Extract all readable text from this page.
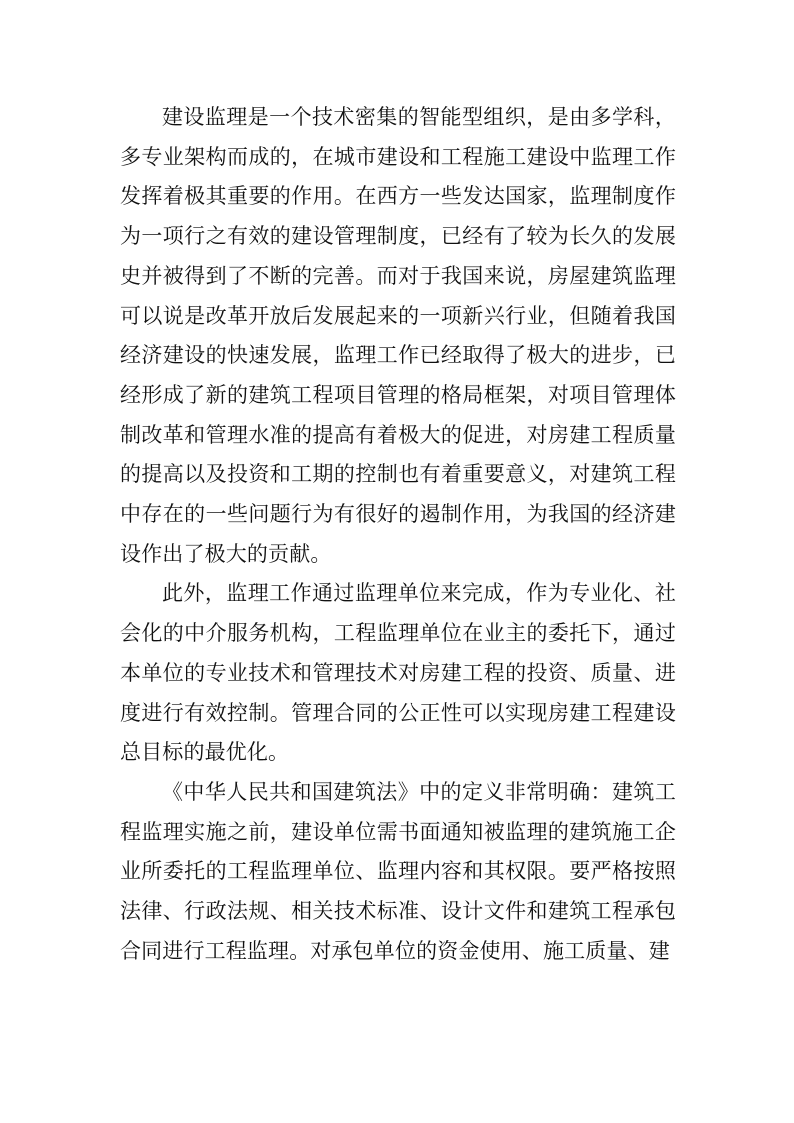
建设监理是一个技术密集的智能型组织，是由多学科，多专业架构而成的，在城市建设和工程施工建设中监理工作发挥着极其重要的作用。在西方一些发达国家，监理制度作为一项行之有效的建设管理制度，已经有了较为长久的发展史并被得到了不断的完善。而对于我国来说，房屋建筑监理可以说是改革开放后发展起来的一项新兴行业，但随着我国经济建设的快速发展，监理工作已经取得了极大的进步，已经形成了新的建筑工程项目管理的格局框架，对项目管理体制改革和管理水准的提高有着极大的促进，对房建工程质量的提高以及投资和工期的控制也有着重要意义，对建筑工程中存在的一些问题行为有很好的遏制作用，为我国的经济建设作出了极大的贡献。

此外，监理工作通过监理单位来完成，作为专业化、社会化的中介服务机构，工程监理单位在业主的委托下，通过本单位的专业技术和管理技术对房建工程的投资、质量、进度进行有效控制。管理合同的公正性可以实现房建工程建设总目标的最优化。

《中华人民共和国建筑法》中的定义非常明确：建筑工程监理实施之前，建设单位需书面通知被监理的建筑施工企业所委托的工程监理单位、监理内容和其权限。要严格按照法律、行政法规、相关技术标准、设计文件和建筑工程承包合同进行工程监理。对承包单位的资金使用、施工质量、建
